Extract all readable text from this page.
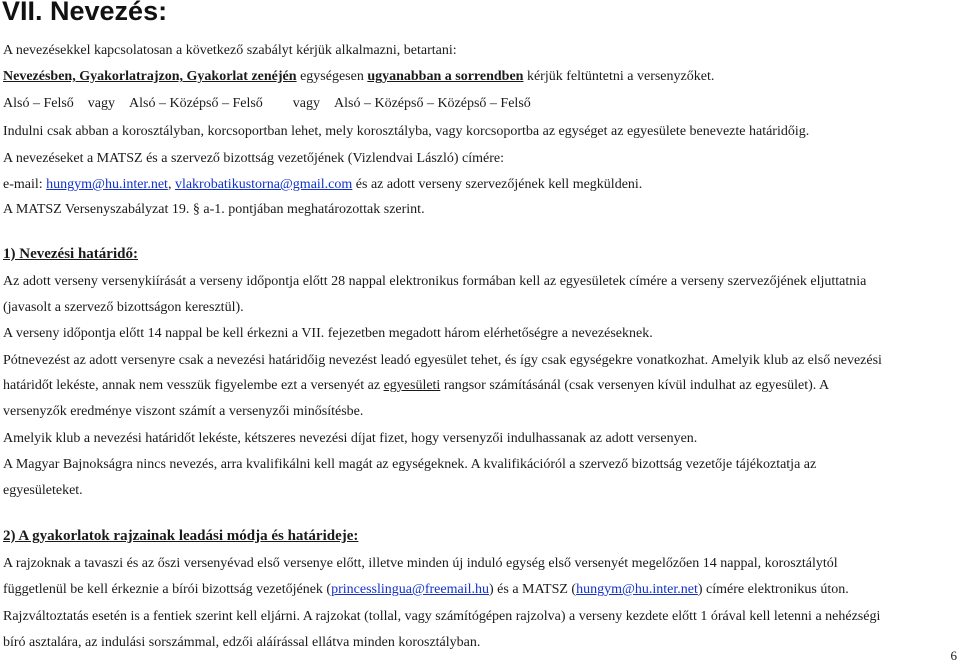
VII. Nevezés:
A nevezésekkel kapcsolatosan a következő szabályt kérjük alkalmazni, betartani:
Nevezésben, Gyakorlatrajzon, Gyakorlat zenéjén egységesen ugyanabban a sorrendben kérjük feltüntetni a versenyzőket.
Alsó – Felső vagy Alsó – Középső – Felső vagy Alsó – Középső – Középső – Felső
Indulni csak abban a korosztályban, korcsoportban lehet, mely korosztályba, vagy korcsoportba az egységet az egyesülete benevezte határidőig.
A nevezéseket a MATSZ és a szervező bizottság vezetőjének (Vizlendvai László) címére:
e-mail: hungym@hu.inter.net, vlakrobatikustorna@gmail.com és az adott verseny szervezőjének kell megküldeni.
A MATSZ Versenyszabályzat 19. § a-1. pontjában meghatározottak szerint.
1) Nevezési határidő:
Az adott verseny versenykiírását a verseny időpontja előtt 28 nappal elektronikus formában kell az egyesületek címére a verseny szervezőjének eljuttatnia
(javasolt a szervező bizottságon keresztül).
A verseny időpontja előtt 14 nappal be kell érkezni a VII. fejezetben megadott három elérhetőségre a nevezéseknek.
Pótnevezést az adott versenyre csak a nevezési határidőig nevezést leadó egyesület tehet, és így csak egységekre vonatkozhat. Amelyik klub az első nevezési
határidőt lekéste, annak nem vesszük figyelembe ezt a versenyét az egyesületi rangsor számításánál (csak versenyen kívül indulhat az egyesület). A
versenyzők eredménye viszont számít a versenyzői minősítésbe.
Amelyik klub a nevezési határidőt lekéste, kétszeres nevezési díjat fizet, hogy versenyzői indulhassanak az adott versenyen.
A Magyar Bajnokságra nincs nevezés, arra kvalifikálni kell magát az egységeknek. A kvalifikációról a szervező bizottság vezetője tájékoztatja az
egyesületeket.
2) A gyakorlatok rajzainak leadási módja és határideje:
A rajzoknak a tavaszi és az őszi versenyévad első versenye előtt, illetve minden új induló egység első versenyét megelőzően 14 nappal, korosztálytól
függetlenül be kell érkeznie a bírói bizottság vezetőjének (princesslingua@freemail.hu) és a MATSZ (hungym@hu.inter.net) címére elektronikus úton.
Rajzváltoztatás esetén is a fentiek szerint kell eljárni. A rajzokat (tollal, vagy számítógépen rajzolva) a verseny kezdete előtt 1 órával kell letenni a nehézségi
bíró asztalára, az indulási sorszámmal, edzői aláírással ellátva minden korosztályban.
6
